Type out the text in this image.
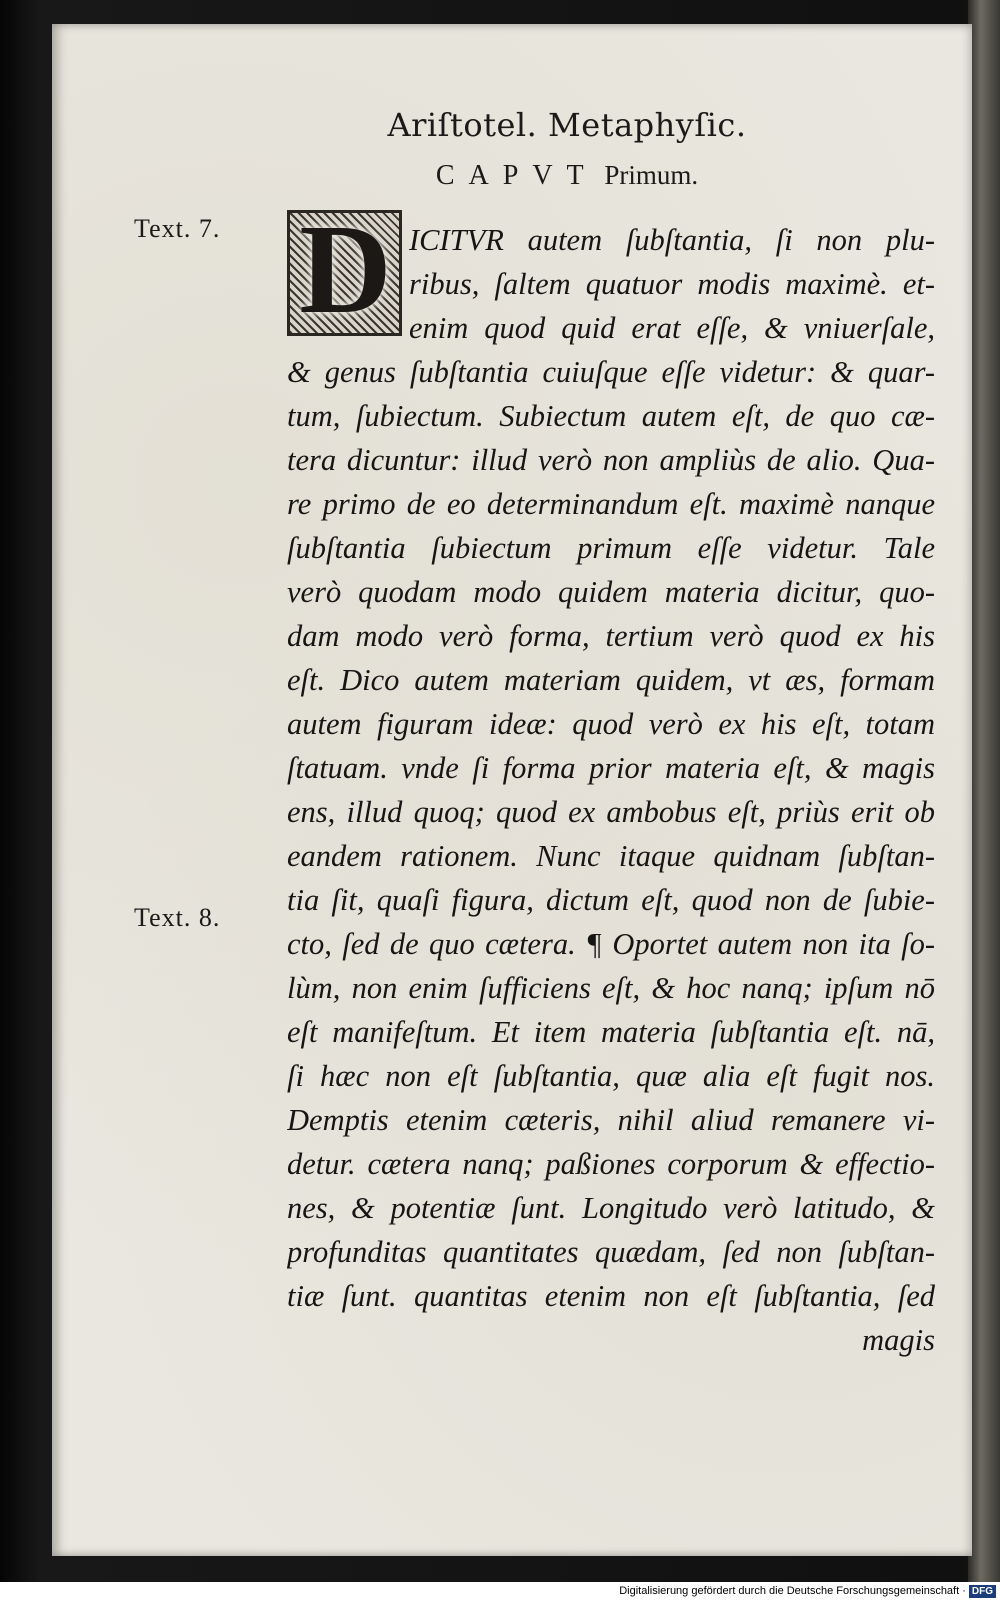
Ariſtotel. Metaphyſic.
CAPVT Primum.
Text. 7.
Text. 8.
D ICITVR autem ſubſtantia, ſi non plu-
ribus, ſaltem quatuor modis maximè. et-
enim quod quid erat eſſe, & vniuerſale,
& genus ſubſtantia cuiuſque eſſe videtur: & quar-
tum, ſubiectum. Subiectum autem eſt, de quo cæ-
tera dicuntur: illud verò non ampliùs de alio. Qua-
re primo de eo determinandum eſt. maximè nanque
ſubſtantia ſubiectum primum eſſe videtur. Tale
verò quodam modo quidem materia dicitur, quo-
dam modo verò forma, tertium verò quod ex his
eſt. Dico autem materiam quidem, vt æs, formam
autem figuram ideæ: quod verò ex his eſt, totam
ſtatuam. vnde ſi forma prior materia eſt, & magis
ens, illud quoq; quod ex ambobus eſt, priùs erit ob
eandem rationem. Nunc itaque quidnam ſubſtan-
tia ſit, quaſi figura, dictum eſt, quod non de ſubie-
cto, ſed de quo cætera. ¶ Oportet autem non ita ſo-
lùm, non enim ſufficiens eſt, & hoc nanq; ipſum nō
eſt manifeſtum. Et item materia ſubſtantia eſt. nā,
ſi hæc non eſt ſubſtantia, quæ alia eſt fugit nos.
Demptis etenim cæteris, nihil aliud remanere vi-
detur. cætera nanq; paßiones corporum & effectio-
nes, & potentiæ ſunt. Longitudo verò latitudo, &
profunditas quantitates quædam, ſed non ſubſtan-
tiæ ſunt. quantitas etenim non eſt ſubſtantia, ſed
magis
Digitalisierung gefördert durch die Deutsche Forschungsgemeinschaft · DFG
